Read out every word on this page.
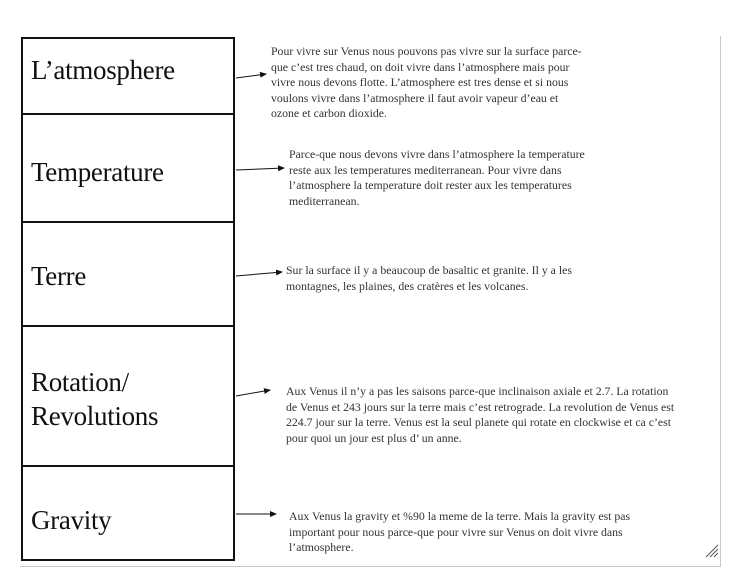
L’atmosphere
Temperature
Terre
Rotation/
Revolutions
Gravity
Pour vivre sur Venus nous pouvons pas vivre sur la surface parce-que c’est tres chaud, on doit vivre dans l’atmosphere mais pour vivre nous devons flotte. L’atmosphere est tres dense et si nous voulons vivre dans l’atmosphere il faut avoir vapeur d’eau et ozone et carbon dioxide.
Parce-que nous devons vivre dans l’atmosphere la temperature reste aux les temperatures mediterranean. Pour vivre dans l’atmosphere la temperature doit rester aux les temperatures mediterranean.
Sur la surface il y a beaucoup de basaltic et granite. Il y a les montagnes, les plaines, des cratères et les volcanes.
Aux Venus il n’y a pas les saisons parce-que inclinaison axiale et 2.7. La rotation de Venus et 243 jours sur la terre mais c’est retrograde. La revolution de Venus est 224.7 jour sur la terre. Venus est la seul planete qui rotate en clockwise et ca c’est pour quoi un jour est plus d’ un anne.
Aux Venus la gravity et %90 la meme de la terre. Mais la gravity est pas important pour nous parce-que pour vivre sur Venus on doit vivre dans l’atmosphere.
